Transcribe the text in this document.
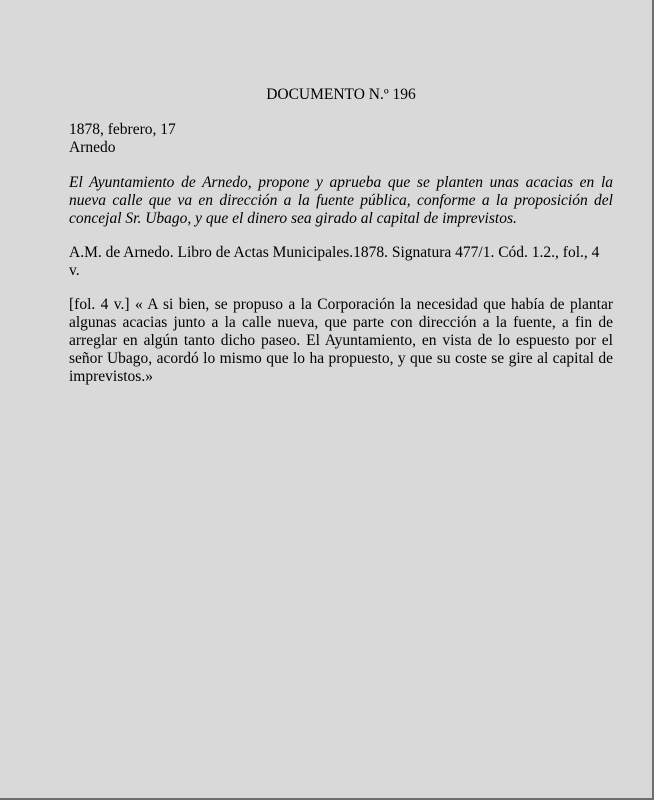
DOCUMENTO N.º 196

1878, febrero, 17

Arnedo

El Ayuntamiento de Arnedo, propone y aprueba que se planten unas acacias en la nueva calle que va en dirección a la fuente pública, conforme a la proposición del concejal Sr. Ubago, y que el dinero sea girado al capital de imprevistos.

A.M. de Arnedo. Libro de Actas Municipales.1878. Signatura 477/1. Cód. 1.2., fol., 4 v.

[fol. 4 v.] « A si bien, se propuso a la Corporación la necesidad que había de plantar algunas acacias junto a la calle nueva, que parte con dirección a la fuente, a fin de arreglar en algún tanto dicho paseo. El Ayuntamiento, en vista de lo espuesto por el señor Ubago, acordó lo mismo que lo ha propuesto, y que su coste se gire al capital de imprevistos.»
